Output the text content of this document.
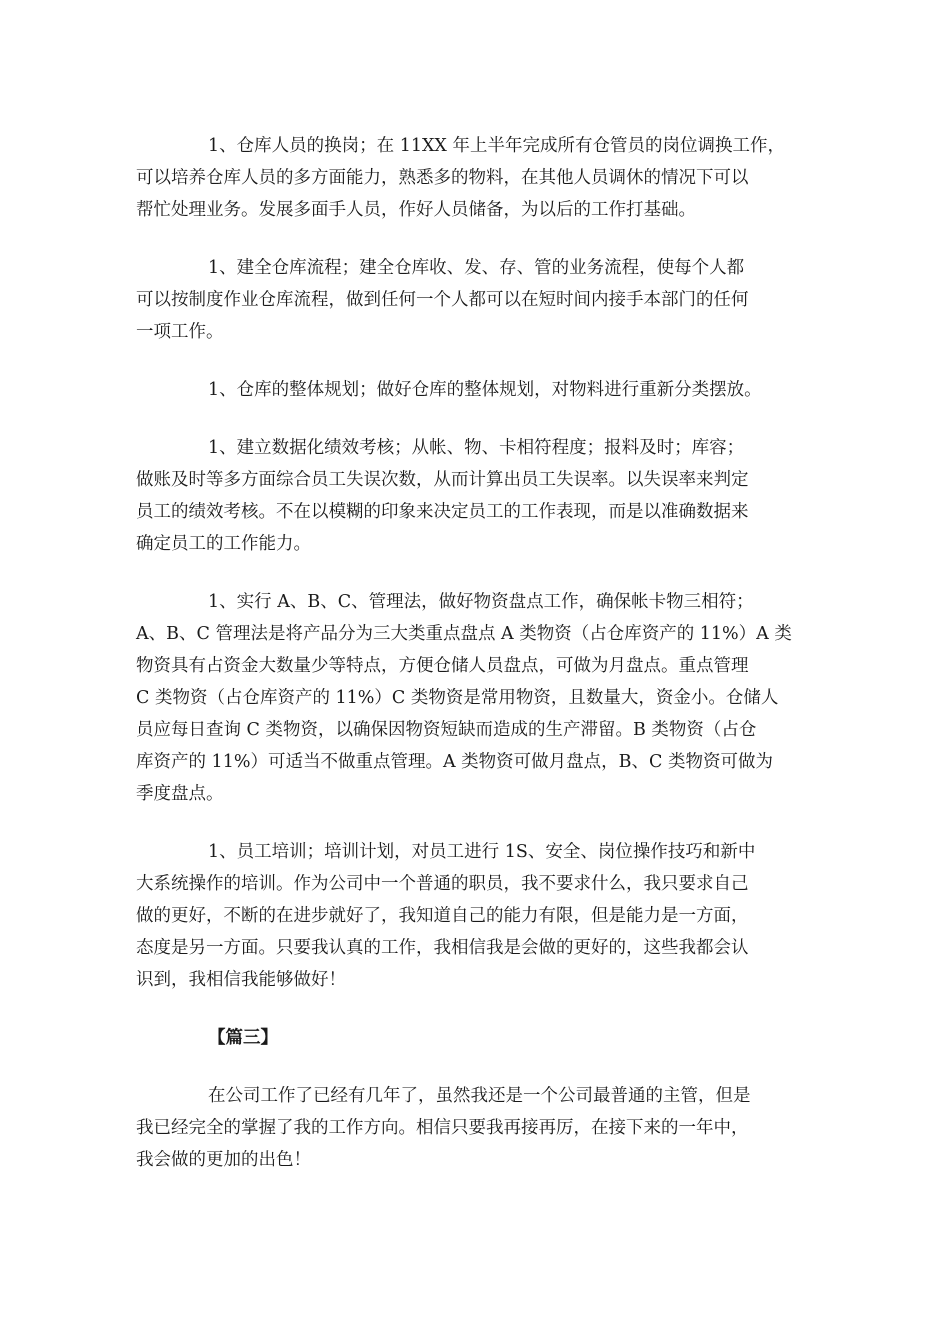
1、仓库人员的换岗；在 11XX 年上半年完成所有仓管员的岗位调换工作，
可以培养仓库人员的多方面能力，熟悉多的物料，在其他人员调休的情况下可以
帮忙处理业务。发展多面手人员，作好人员储备，为以后的工作打基础。
1、建全仓库流程；建全仓库收、发、存、管的业务流程，使每个人都
可以按制度作业仓库流程，做到任何一个人都可以在短时间内接手本部门的任何
一项工作。
1、仓库的整体规划；做好仓库的整体规划，对物料进行重新分类摆放。
1、建立数据化绩效考核；从帐、物、卡相符程度；报料及时；库容；
做账及时等多方面综合员工失误次数，从而计算出员工失误率。以失误率来判定
员工的绩效考核。不在以模糊的印象来决定员工的工作表现，而是以准确数据来
确定员工的工作能力。
1、实行 A、B、C、管理法，做好物资盘点工作，确保帐卡物三相符；
A、B、C 管理法是将产品分为三大类重点盘点 A 类物资（占仓库资产的 11%）A 类
物资具有占资金大数量少等特点，方便仓储人员盘点，可做为月盘点。重点管理
C 类物资（占仓库资产的 11%）C 类物资是常用物资，且数量大，资金小。仓储人
员应每日查询 C 类物资，以确保因物资短缺而造成的生产滞留。B 类物资（占仓
库资产的 11%）可适当不做重点管理。A 类物资可做月盘点，B、C 类物资可做为
季度盘点。
1、员工培训；培训计划，对员工进行 1S、安全、岗位操作技巧和新中
大系统操作的培训。作为公司中一个普通的职员，我不要求什么，我只要求自己
做的更好，不断的在进步就好了，我知道自己的能力有限，但是能力是一方面，
态度是另一方面。只要我认真的工作，我相信我是会做的更好的，这些我都会认
识到，我相信我能够做好！
【篇三】
在公司工作了已经有几年了，虽然我还是一个公司最普通的主管，但是
我已经完全的掌握了我的工作方向。相信只要我再接再厉，在接下来的一年中，
我会做的更加的出色！
